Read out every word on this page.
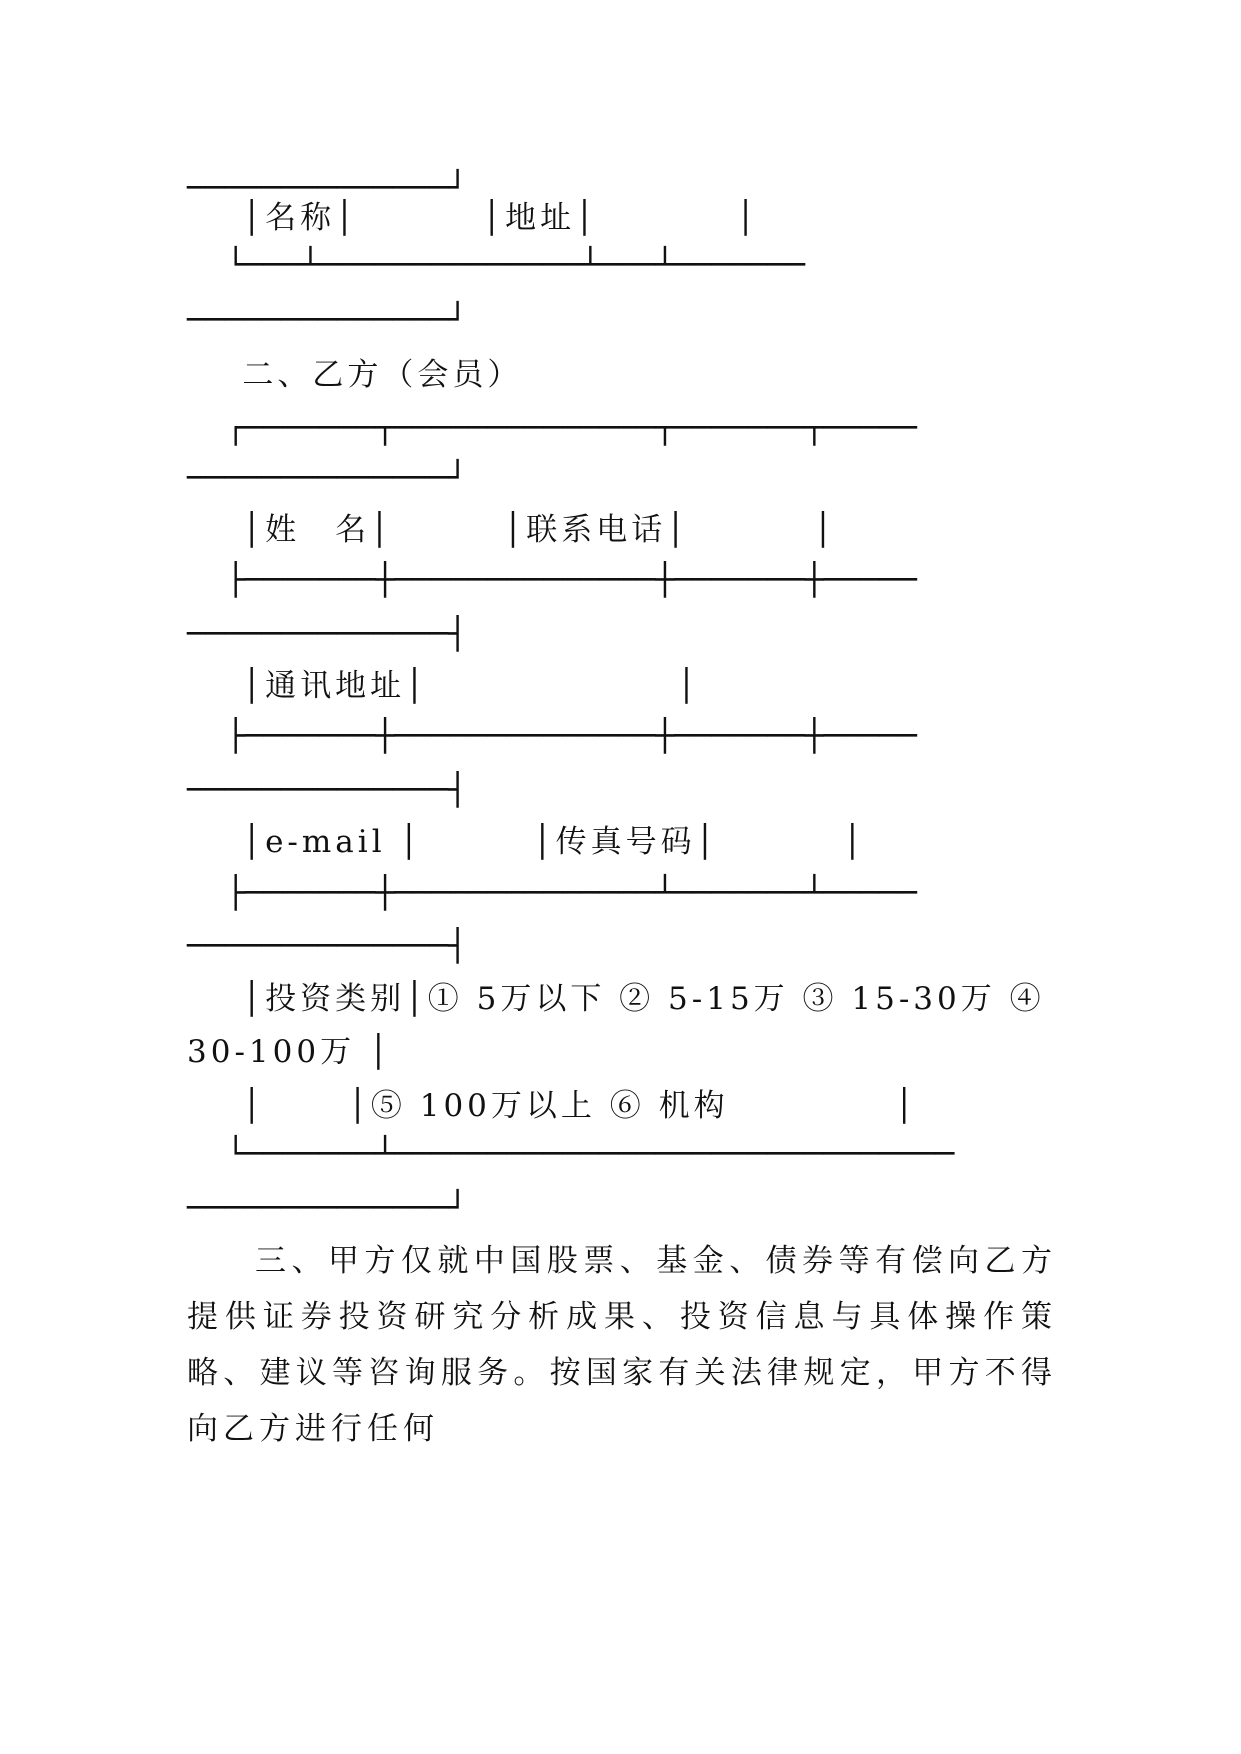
──────────────┘
│名称│         │地址│          │
└───┴──────────────┴───┴───────
──────────────┘
二、乙方（会员）
┌───────┬──────────────┬───────┬─────
──────────────┘
│姓　名│        │联系电话│         │
├───────┼──────────────┼───────┼─────
──────────────┤
│通讯地址│                  │
├───────┼──────────────┼───────┼─────
──────────────┤
│e-mail │        │传真号码│         │
├───────┼──────────────┴───────┴─────
──────────────┤
│投资类别│① 5万以下 ② 5-15万 ③ 15-30万 ④
30-100万 │
│      │⑤ 100万以上 ⑥ 机构            │
└───────┴──────────────────────────────
──────────────┘
三、甲方仅就中国股票、基金、债券等有偿向乙方提供证券投资研究分析成果、投资信息与具体操作策略、建议等咨询服务。按国家有关法律规定，甲方不得向乙方进行任何
